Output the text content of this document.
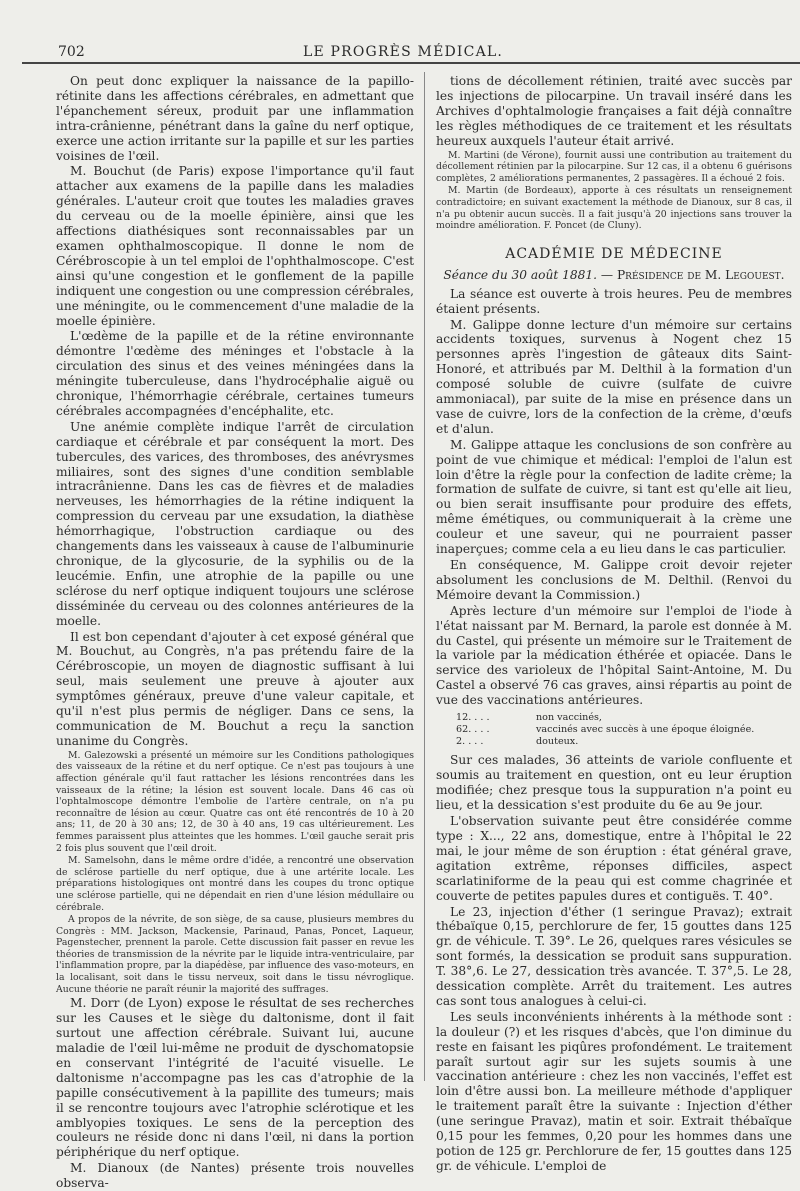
702	LE PROGRÈS MÉDICAL.

On peut donc expliquer la naissance de la papillo-rétinite dans les affections cérébrales, en admettant que l'épanchement séreux, produit par une inflammation intra-crânienne, pénétrant dans la gaîne du nerf optique, exerce une action irritante sur la papille et sur les parties voisines de l'œil.

M. Bouchut (de Paris) expose l'importance qu'il faut attacher aux examens de la papille dans les maladies générales. L'auteur croit que toutes les maladies graves du cerveau ou de la moelle épinière, ainsi que les affections diathésiques sont reconnaissables par un examen ophthalmoscopique. Il donne le nom de Cérébroscopie à un tel emploi de l'ophthalmoscope. C'est ainsi qu'une congestion et le gonflement de la papille indiquent une congestion ou une compression cérébrales, une méningite, ou le commencement d'une maladie de la moelle épinière.

L'œdème de la papille et de la rétine environnante démontre l'œdème des méninges et l'obstacle à la circulation des sinus et des veines méningées dans la méningite tuberculeuse, dans l'hydrocéphalie aiguë ou chronique, l'hémorrhagie cérébrale, certaines tumeurs cérébrales accompagnées d'encéphalite, etc.

Une anémie complète indique l'arrêt de circulation cardiaque et cérébrale et par conséquent la mort. Des tubercules, des varices, des thromboses, des anévrysmes miliaires, sont des signes d'une condition semblable intracrânienne. Dans les cas de fièvres et de maladies nerveuses, les hémorrhagies de la rétine indiquent la compression du cerveau par une exsudation, la diathèse hémorrhagique, l'obstruction cardiaque ou des changements dans les vaisseaux à cause de l'albuminurie chronique, de la glycosurie, de la syphilis ou de la leucémie. Enfin, une atrophie de la papille ou une sclérose du nerf optique indiquent toujours une sclérose disséminée du cerveau ou des colonnes antérieures de la moelle.

Il est bon cependant d'ajouter à cet exposé général que M. Bouchut, au Congrès, n'a pas prétendu faire de la Cérébroscopie, un moyen de diagnostic suffisant à lui seul, mais seulement une preuve à ajouter aux symptômes généraux, preuve d'une valeur capitale, et qu'il n'est plus permis de négliger. Dans ce sens, la communication de M. Bouchut a reçu la sanction unanime du Congrès.

M. Galezowski a présenté un mémoire sur les Conditions pathologiques des vaisseaux de la rétine et du nerf optique. Ce n'est pas toujours à une affection générale qu'il faut rattacher les lésions rencontrées dans les vaisseaux de la rétine; la lésion est souvent locale. Dans 46 cas où l'ophtalmoscope démontre l'embolie de l'artère centrale, on n'a pu reconnaître de lésion au cœur. Quatre cas ont été rencontrés de 10 à 20 ans; 11, de 20 à 30 ans; 12, de 30 à 40 ans, 19 cas ultérieurement. Les femmes paraissent plus atteintes que les hommes. L'œil gauche serait pris 2 fois plus souvent que l'œil droit.

M. Samelsohn, dans le même ordre d'idée, a rencontré une observation de sclérose partielle du nerf optique, due à une artérite locale. Les préparations histologiques ont montré dans les coupes du tronc optique une sclérose partielle, qui ne dépendait en rien d'une lésion médullaire ou cérébrale.

A propos de la névrite, de son siège, de sa cause, plusieurs membres du Congrès : MM. Jackson, Mackensie, Parinaud, Panas, Poncet, Laqueur, Pagenstecher, prennent la parole. Cette discussion fait passer en revue les théories de transmission de la névrite par le liquide intra-ventriculaire, par l'inflammation propre, par la diapédèse, par influence des vaso-moteurs, en la localisant, soit dans le tissu nerveux, soit dans le tissu névroglique. Aucune théorie ne paraît réunir la majorité des suffrages.

M. Dorr (de Lyon) expose le résultat de ses recherches sur les Causes et le siège du daltonisme, dont il fait surtout une affection cérébrale. Suivant lui, aucune maladie de l'œil lui-même ne produit de dyschomatopsie en conservant l'intégrité de l'acuité visuelle. Le daltonisme n'accompagne pas les cas d'atrophie de la papille consécutivement à la papillite des tumeurs; mais il se rencontre toujours avec l'atrophie sclérotique et les amblyopies toxiques. Le sens de la perception des couleurs ne réside donc ni dans l'œil, ni dans la portion périphérique du nerf optique.

M. Dianoux (de Nantes) présente trois nouvelles observa-

tions de décollement rétinien, traité avec succès par les injections de pilocarpine. Un travail inséré dans les Archives d'ophtalmologie françaises a fait déjà connaître les règles méthodiques de ce traitement et les résultats heureux auxquels l'auteur était arrivé.

M. Martini (de Vérone), fournit aussi une contribution au traitement du décollement rétinien par la pilocarpine. Sur 12 cas, il a obtenu 6 guérisons complètes, 2 améliorations permanentes, 2 passagères. Il a échoué 2 fois.

M. Martin (de Bordeaux), apporte à ces résultats un renseignement contradictoire; en suivant exactement la méthode de Dianoux, sur 8 cas, il n'a pu obtenir aucun succès. Il a fait jusqu'à 20 injections sans trouver la moindre amélioration. F. Poncet (de Cluny).

ACADÉMIE DE MÉDECINE
Séance du 30 août 1881. — Présidence de M. Legouest.

La séance est ouverte à trois heures. Peu de membres étaient présents.

M. Galippe donne lecture d'un mémoire sur certains accidents toxiques, survenus à Nogent chez 15 personnes après l'ingestion de gâteaux dits Saint-Honoré, et attribués par M. Delthil à la formation d'un composé soluble de cuivre (sulfate de cuivre ammoniacal), par suite de la mise en présence dans un vase de cuivre, lors de la confection de la crème, d'œufs et d'alun.

M. Galippe attaque les conclusions de son confrère au point de vue chimique et médical: l'emploi de l'alun est loin d'être la règle pour la confection de ladite crème; la formation de sulfate de cuivre, si tant est qu'elle ait lieu, ou bien serait insuffisante pour produire des effets, même émétiques, ou communiquerait à la crème une couleur et une saveur, qui ne pourraient passer inaperçues; comme cela a eu lieu dans le cas particulier.

En conséquence, M. Galippe croit devoir rejeter absolument les conclusions de M. Delthil. (Renvoi du Mémoire devant la Commission.)

Après lecture d'un mémoire sur l'emploi de l'iode à l'état naissant par M. Bernard, la parole est donnée à M. du Castel, qui présente un mémoire sur le Traitement de la variole par la médication éthérée et opiacée. Dans le service des varioleux de l'hôpital Saint-Antoine, M. Du Castel a observé 76 cas graves, ainsi répartis au point de vue des vaccinations antérieures.

12. . . .	non vaccinés,
62. . . .	vaccinés avec succès à une époque éloignée.
2. . . .	douteux.

Sur ces malades, 36 atteints de variole confluente et soumis au traitement en question, ont eu leur éruption modifiée; chez presque tous la suppuration n'a point eu lieu, et la dessication s'est produite du 6e au 9e jour.

L'observation suivante peut être considérée comme type : X..., 22 ans, domestique, entre à l'hôpital le 22 mai, le jour même de son éruption : état général grave, agitation extrême, réponses difficiles, aspect scarlatiniforme de la peau qui est comme chagrinée et couverte de petites papules dures et contiguës. T. 40°.

Le 23, injection d'éther (1 seringue Pravaz); extrait thébaïque 0,15, perchlorure de fer, 15 gouttes dans 125 gr. de véhicule. T. 39°. Le 26, quelques rares vésicules se sont formés, la dessication se produit sans suppuration. T. 38°,6. Le 27, dessication très avancée. T. 37°,5. Le 28, dessication complète. Arrêt du traitement. Les autres cas sont tous analogues à celui-ci.

Les seuls inconvénients inhérents à la méthode sont : la douleur (?) et les risques d'abcès, que l'on diminue du reste en faisant les piqûres profondément. Le traitement paraît surtout agir sur les sujets soumis à une vaccination antérieure : chez les non vaccinés, l'effet est loin d'être aussi bon. La meilleure méthode d'appliquer le traitement paraît être la suivante : Injection d'éther (une seringue Pravaz), matin et soir. Extrait thébaïque 0,15 pour les femmes, 0,20 pour les hommes dans une potion de 125 gr. Perchlorure de fer, 15 gouttes dans 125 gr. de véhicule. L'emploi de
